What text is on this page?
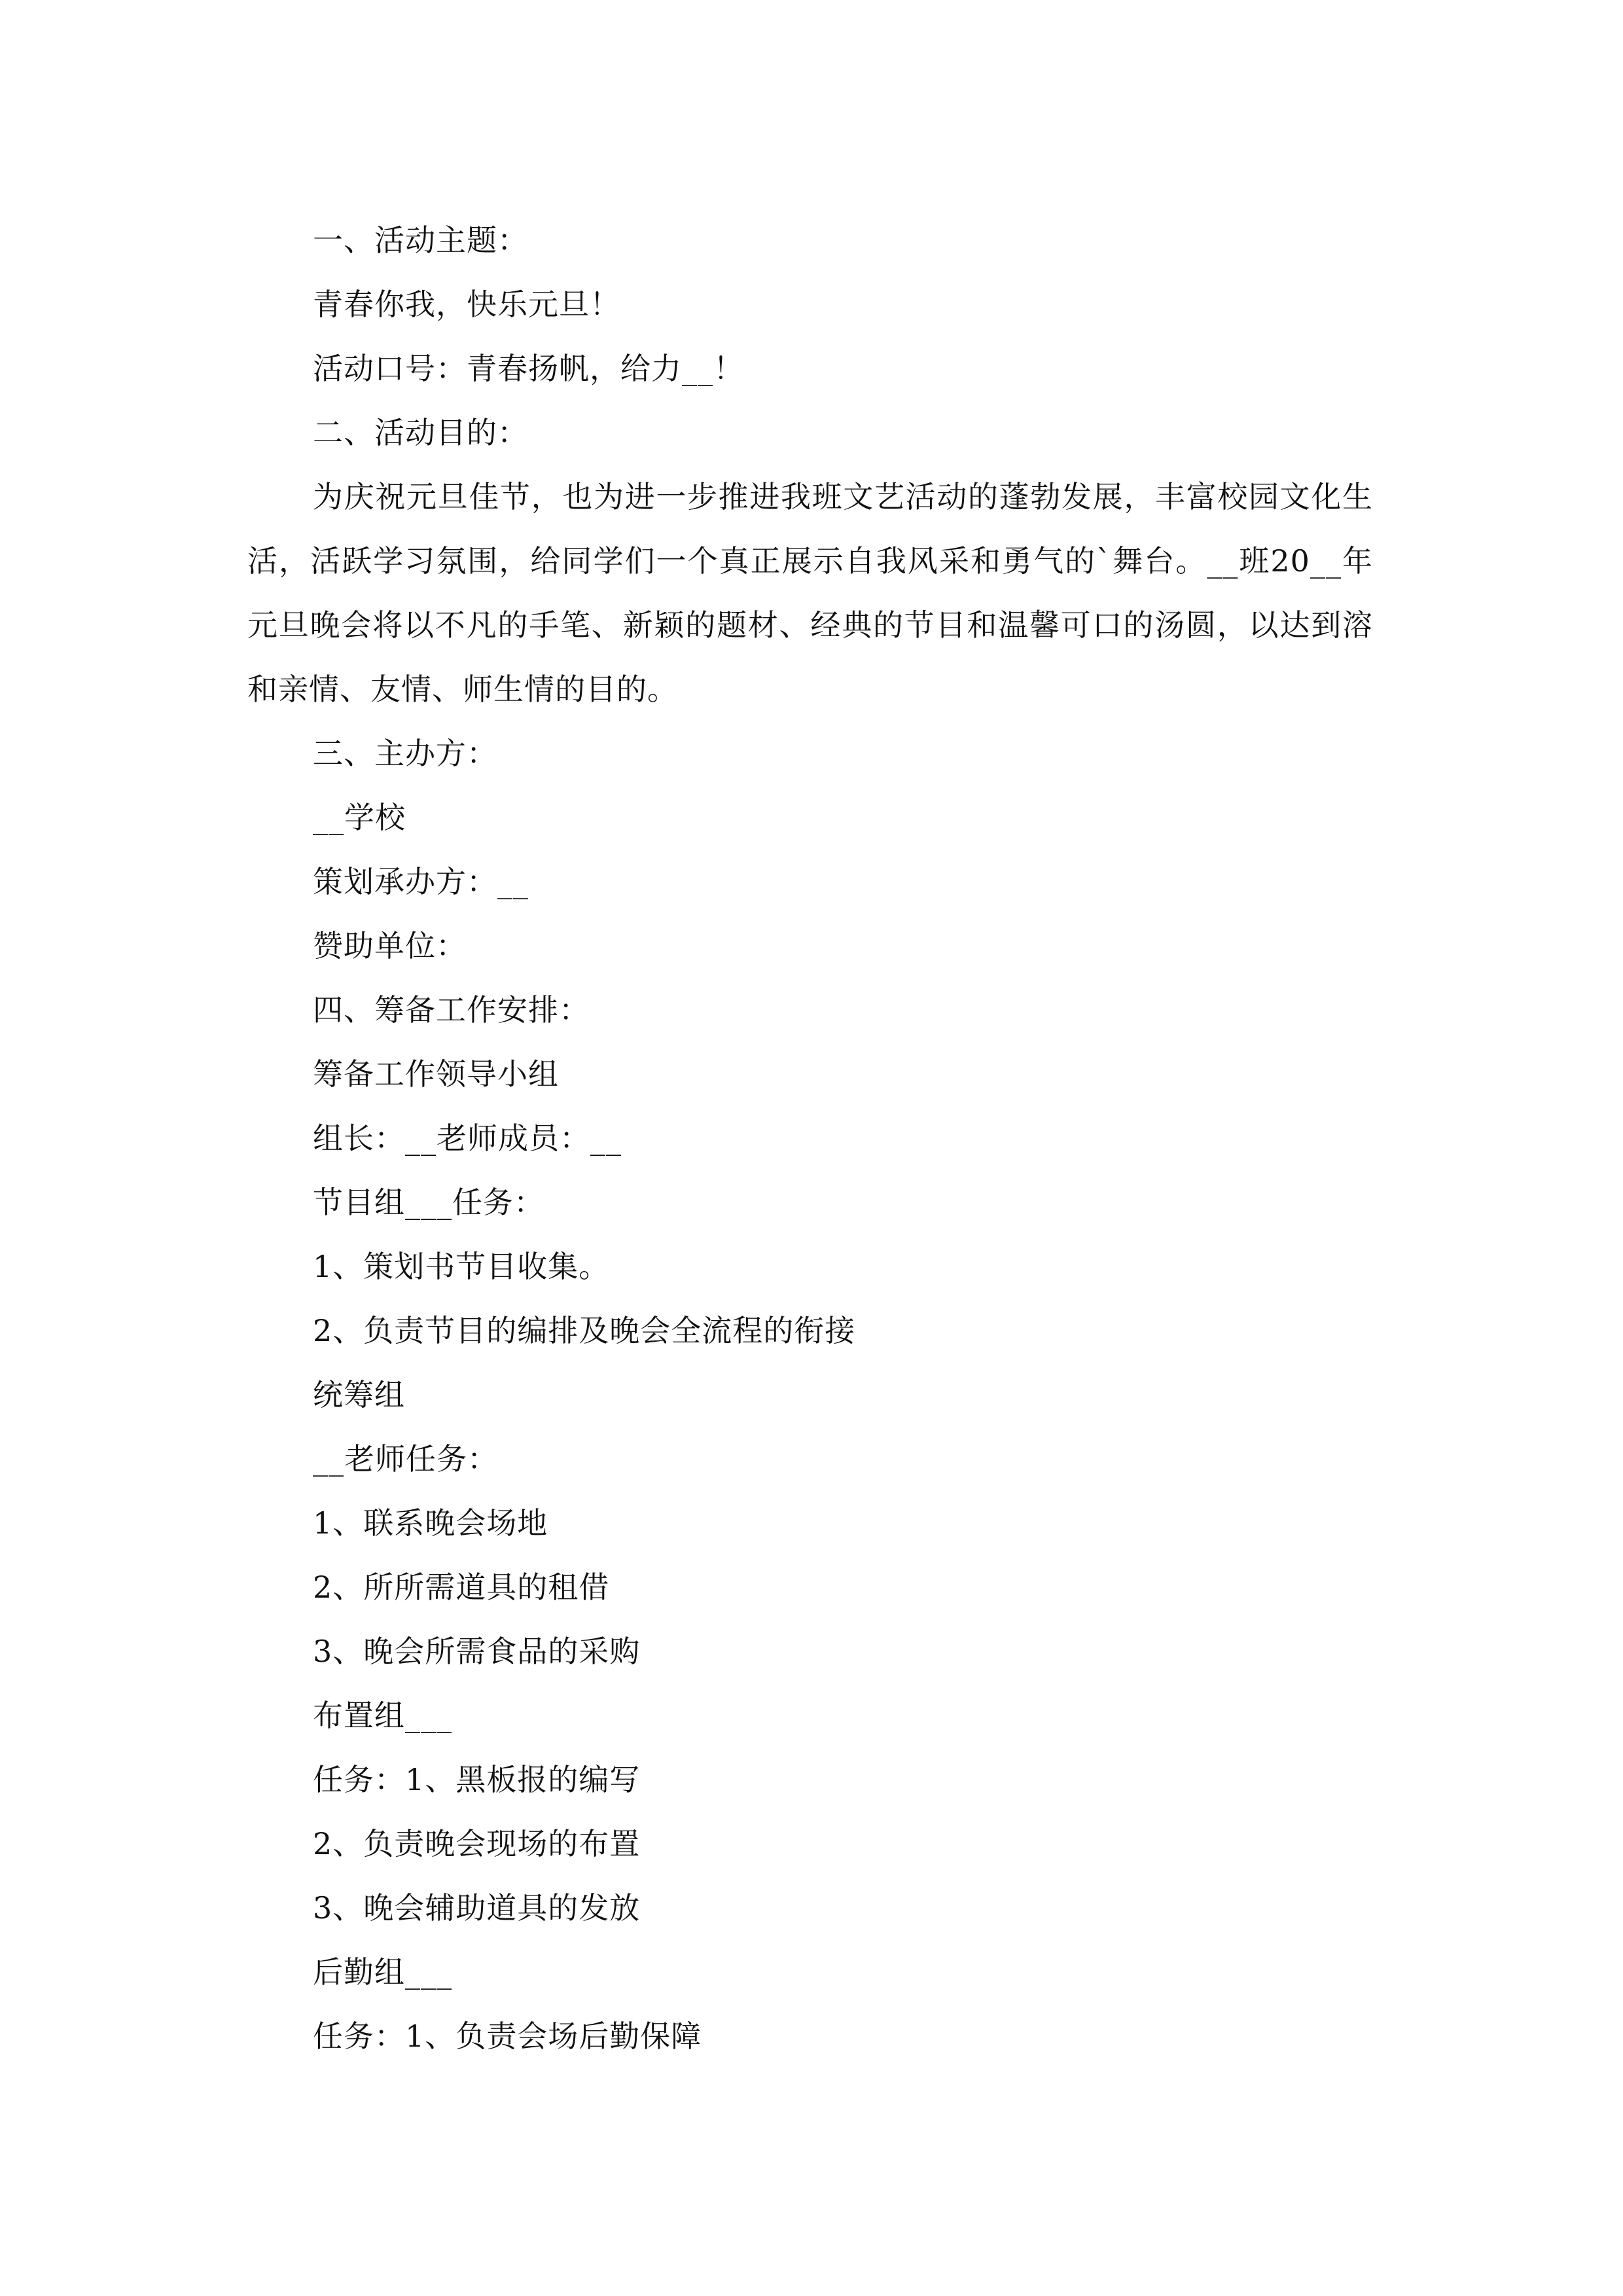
一、活动主题：
青春你我，快乐元旦！
活动口号：青春扬帆，给力__！
二、活动目的：
为庆祝元旦佳节，也为进一步推进我班文艺活动的蓬勃发展，丰富校园文化生活，活跃学习氛围，给同学们一个真正展示自我风采和勇气的`舞台。__班20__年元旦晚会将以不凡的手笔、新颖的题材、经典的节目和温馨可口的汤圆，以达到溶和亲情、友情、师生情的目的。
三、主办方：
__学校
策划承办方：__
赞助单位：
四、筹备工作安排：
筹备工作领导小组
组长：__老师成员：__
节目组___任务：
1、策划书节目收集。
2、负责节目的编排及晚会全流程的衔接
统筹组
__老师任务：
1、联系晚会场地
2、所所需道具的租借
3、晚会所需食品的采购
布置组___
任务：1、黑板报的编写
2、负责晚会现场的布置
3、晚会辅助道具的发放
后勤组___
任务：1、负责会场后勤保障
